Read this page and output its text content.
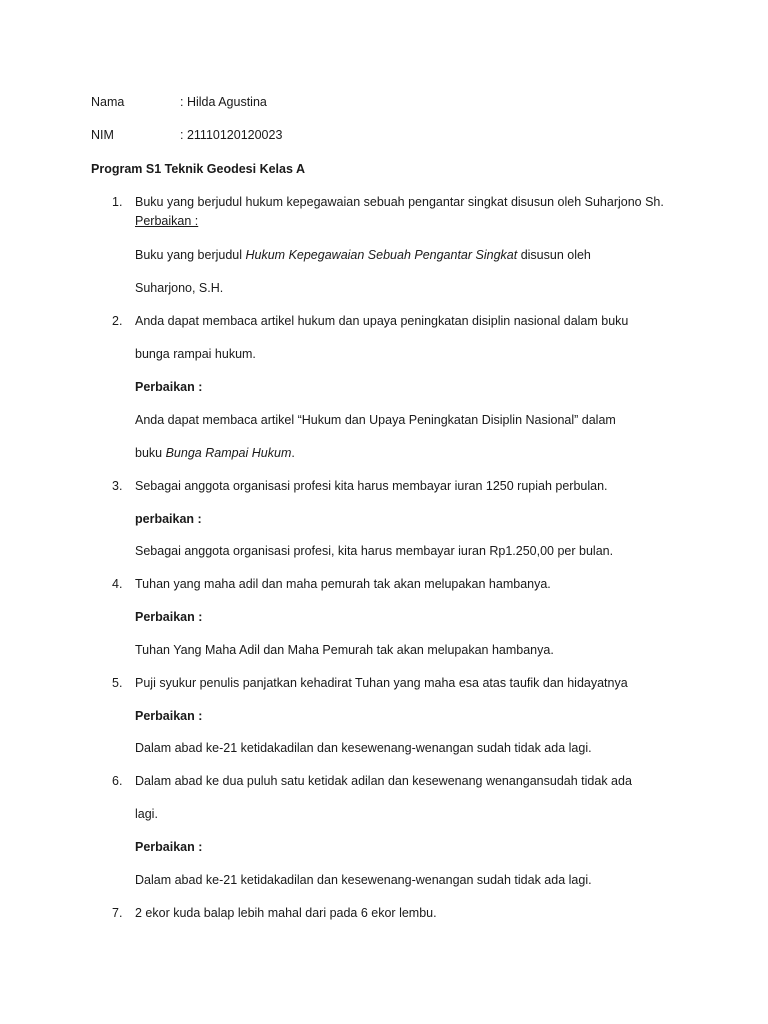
Nama	: Hilda Agustina
NIM	: 21110120120023
Program S1 Teknik Geodesi Kelas A
1.	Buku yang berjudul hukum kepegawaian sebuah pengantar singkat disusun oleh Suharjono Sh.
Perbaikan :
Buku yang berjudul Hukum Kepegawaian Sebuah Pengantar Singkat disusun oleh
Suharjono, S.H.
2.	Anda dapat membaca artikel hukum dan upaya peningkatan disiplin nasional dalam buku
bunga rampai hukum.
Perbaikan :
Anda dapat membaca artikel “Hukum dan Upaya Peningkatan Disiplin Nasional” dalam
buku Bunga Rampai Hukum.
3.	Sebagai anggota organisasi profesi kita harus membayar iuran 1250 rupiah perbulan.
perbaikan :
Sebagai anggota organisasi profesi, kita harus membayar iuran Rp1.250,00 per bulan.
4.	Tuhan yang maha adil dan maha pemurah tak akan melupakan hambanya.
Perbaikan :
Tuhan Yang Maha Adil dan Maha Pemurah tak akan melupakan hambanya.
5.	Puji syukur penulis panjatkan kehadirat Tuhan yang maha esa atas taufik dan hidayatnya
Perbaikan :
Dalam abad ke-21 ketidakadilan dan kesewenang-wenangan sudah tidak ada lagi.
6.	Dalam abad ke dua puluh satu ketidak adilan dan kesewenang wenangansudah tidak ada
lagi.
Perbaikan :
Dalam abad ke-21 ketidakadilan dan kesewenang-wenangan sudah tidak ada lagi.
7.	2 ekor kuda balap lebih mahal dari pada 6 ekor lembu.
